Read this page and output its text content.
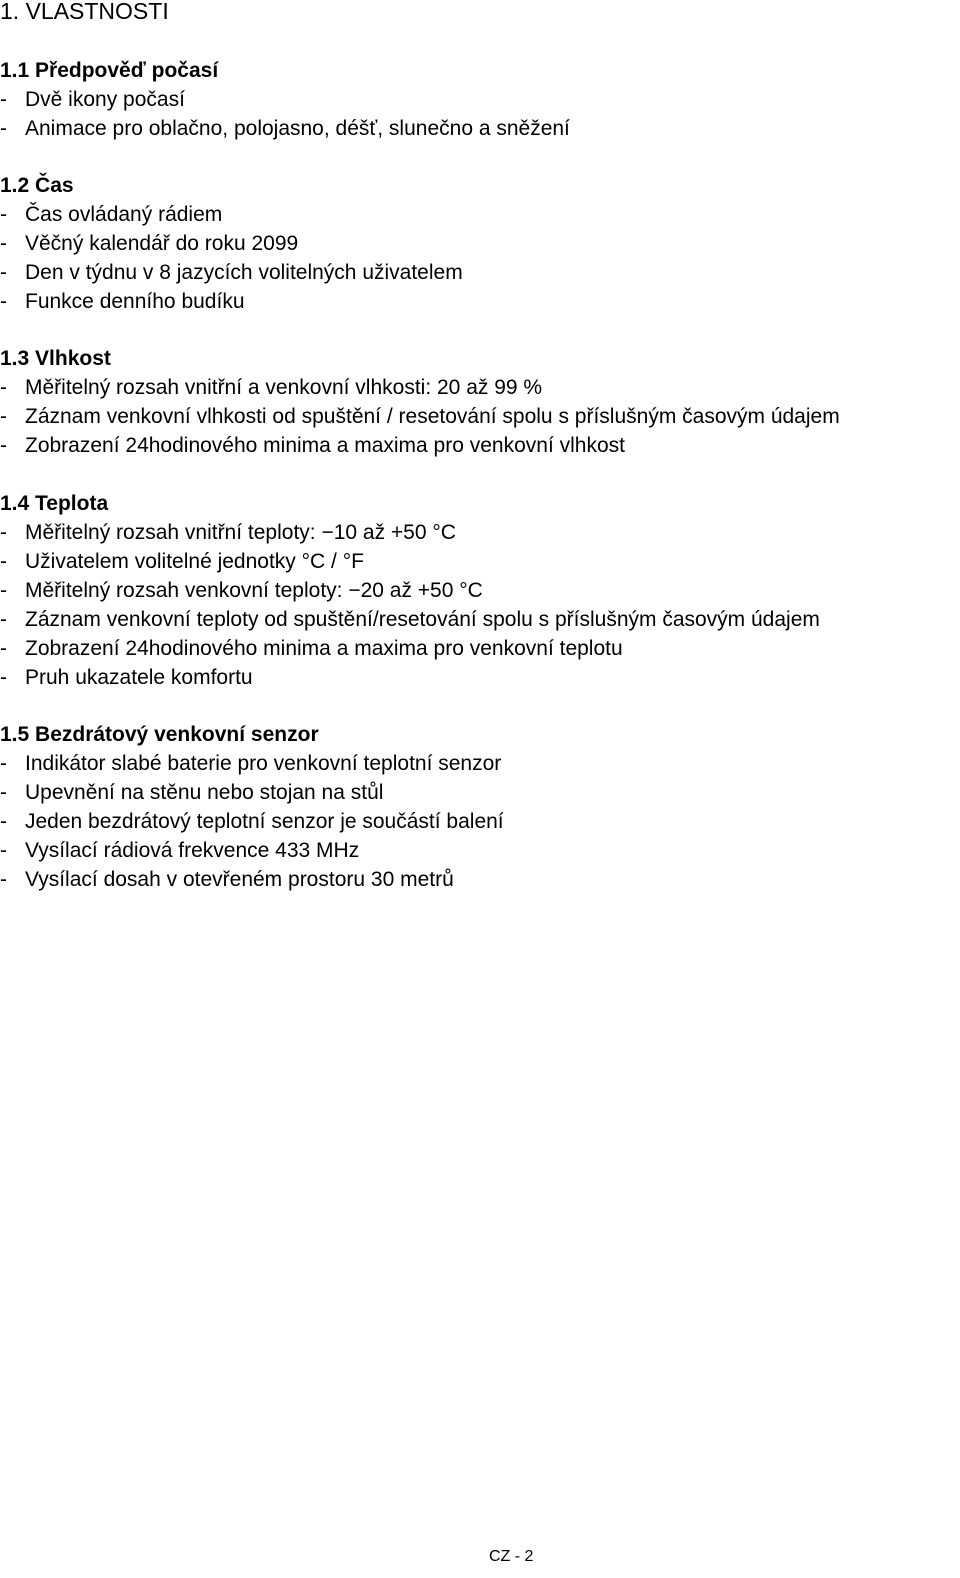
1. VLASTNOSTI
1.1 Předpověď počasí
- Dvě ikony počasí
- Animace pro oblačno, polojasno, déšť, slunečno a sněžení
1.2 Čas
- Čas ovládaný rádiem
- Věčný kalendář do roku 2099
- Den v týdnu v 8 jazycích volitelných uživatelem
- Funkce denního budíku
1.3 Vlhkost
- Měřitelný rozsah vnitřní a venkovní vlhkosti: 20 až 99 %
- Záznam venkovní vlhkosti od spuštění / resetování spolu s příslušným časovým údajem
- Zobrazení 24hodinového minima a maxima pro venkovní vlhkost
1.4 Teplota
- Měřitelný rozsah vnitřní teploty: −10 až +50 °C
- Uživatelem volitelné jednotky °C / °F
- Měřitelný rozsah venkovní teploty: −20 až +50 °C
- Záznam venkovní teploty od spuštění/resetování spolu s příslušným časovým údajem
- Zobrazení 24hodinového minima a maxima pro venkovní teplotu
- Pruh ukazatele komfortu
1.5 Bezdrátový venkovní senzor
- Indikátor slabé baterie pro venkovní teplotní senzor
- Upevnění na stěnu nebo stojan na stůl
- Jeden bezdrátový teplotní senzor je součástí balení
- Vysílací rádiová frekvence 433 MHz
- Vysílací dosah v otevřeném prostoru 30 metrů
CZ - 2
